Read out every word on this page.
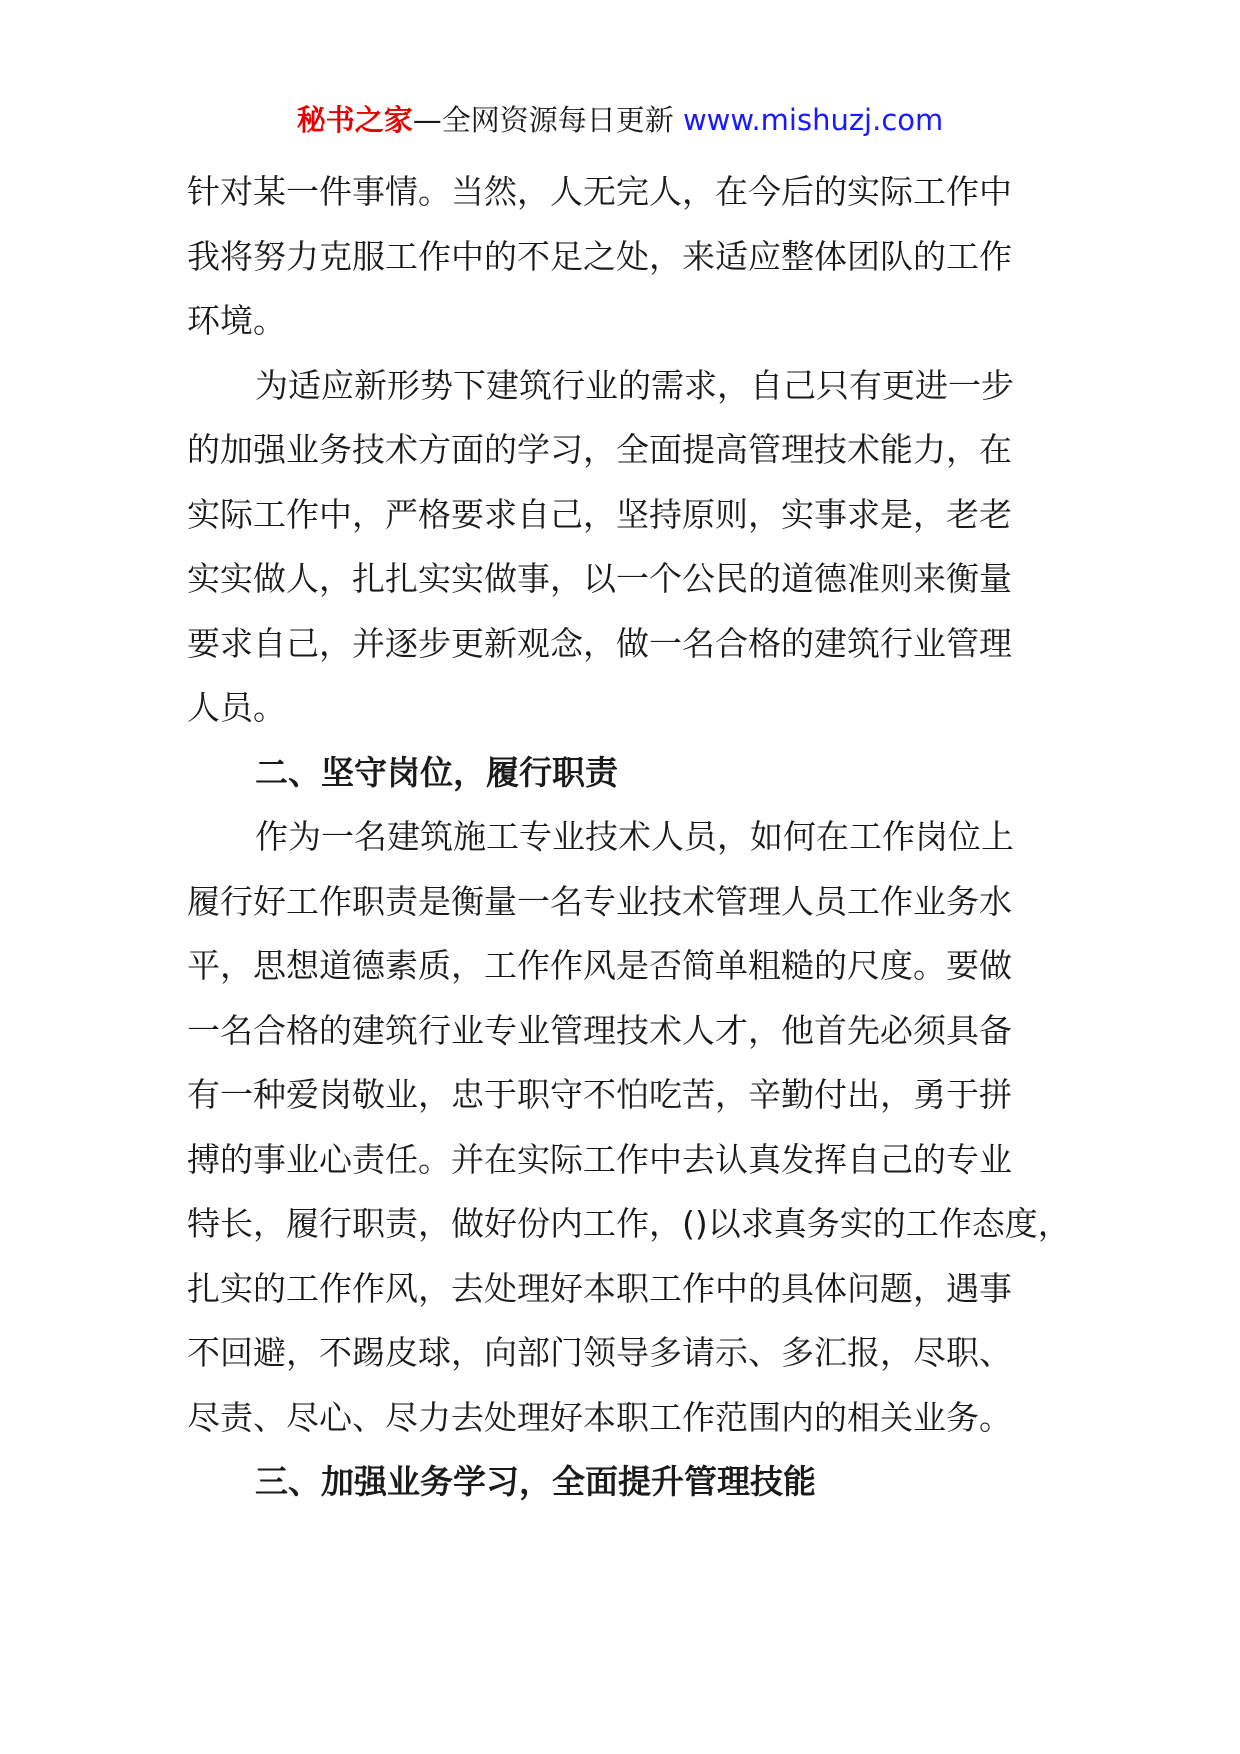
秘书之家—全网资源每日更新 www.mishuzj.com
针对某一件事情。当然，人无完人，在今后的实际工作中
我将努力克服工作中的不足之处，来适应整体团队的工作
环境。
为适应新形势下建筑行业的需求，自己只有更进一步
的加强业务技术方面的学习，全面提高管理技术能力，在
实际工作中，严格要求自己，坚持原则，实事求是，老老
实实做人，扎扎实实做事，以一个公民的道德准则来衡量
要求自己，并逐步更新观念，做一名合格的建筑行业管理
人员。
二、坚守岗位，履行职责
作为一名建筑施工专业技术人员，如何在工作岗位上
履行好工作职责是衡量一名专业技术管理人员工作业务水
平，思想道德素质，工作作风是否简单粗糙的尺度。要做
一名合格的建筑行业专业管理技术人才，他首先必须具备
有一种爱岗敬业，忠于职守不怕吃苦，辛勤付出，勇于拼
搏的事业心责任。并在实际工作中去认真发挥自己的专业
特长，履行职责，做好份内工作，()以求真务实的工作态度，
扎实的工作作风，去处理好本职工作中的具体问题，遇事
不回避，不踢皮球，向部门领导多请示、多汇报，尽职、
尽责、尽心、尽力去处理好本职工作范围内的相关业务。
三、加强业务学习，全面提升管理技能
